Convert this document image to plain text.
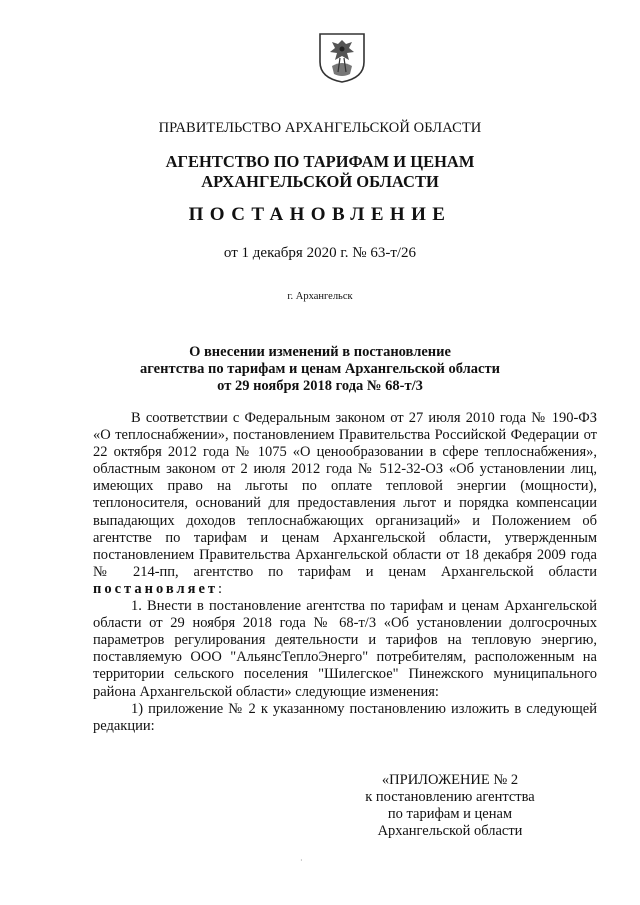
ПРАВИТЕЛЬСТВО АРХАНГЕЛЬСКОЙ ОБЛАСТИ
АГЕНТСТВО ПО ТАРИФАМ И ЦЕНАМ
АРХАНГЕЛЬСКОЙ ОБЛАСТИ
ПОСТАНОВЛЕНИЕ
от 1 декабря 2020 г. № 63-т/26
г. Архангельск
О внесении изменений в постановление
агентства по тарифам и ценам Архангельской области
от 29 ноября 2018 года № 68-т/3

В соответствии с Федеральным законом от 27 июля 2010 года № 190-ФЗ «О теплоснабжении», постановлением Правительства Российской Федерации от 22 октября 2012 года № 1075 «О ценообразовании в сфере теплоснабжения», областным законом от 2 июля 2012 года № 512-32-ОЗ «Об установлении лиц, имеющих право на льготы по оплате тепловой энергии (мощности), теплоносителя, оснований для предоставления льгот и порядка компенсации выпадающих доходов теплоснабжающих организаций» и Положением об агентстве по тарифам и ценам Архангельской области, утвержденным постановлением Правительства Архангельской области от 18 декабря 2009 года № 214-пп, агентство по тарифам и ценам Архангельской области постановляет:

1. Внести в постановление агентства по тарифам и ценам Архангельской области от 29 ноября 2018 года № 68-т/3 «Об установлении долгосрочных параметров регулирования деятельности и тарифов на тепловую энергию, поставляемую ООО "АльянсТеплоЭнерго" потребителям, расположенным на территории сельского поселения "Шилегское" Пинежского муниципального района Архангельской области» следующие изменения:

1) приложение № 2 к указанному постановлению изложить в следующей редакции:

«ПРИЛОЖЕНИЕ № 2
к постановлению агентства
по тарифам и ценам
Архангельской области
·
